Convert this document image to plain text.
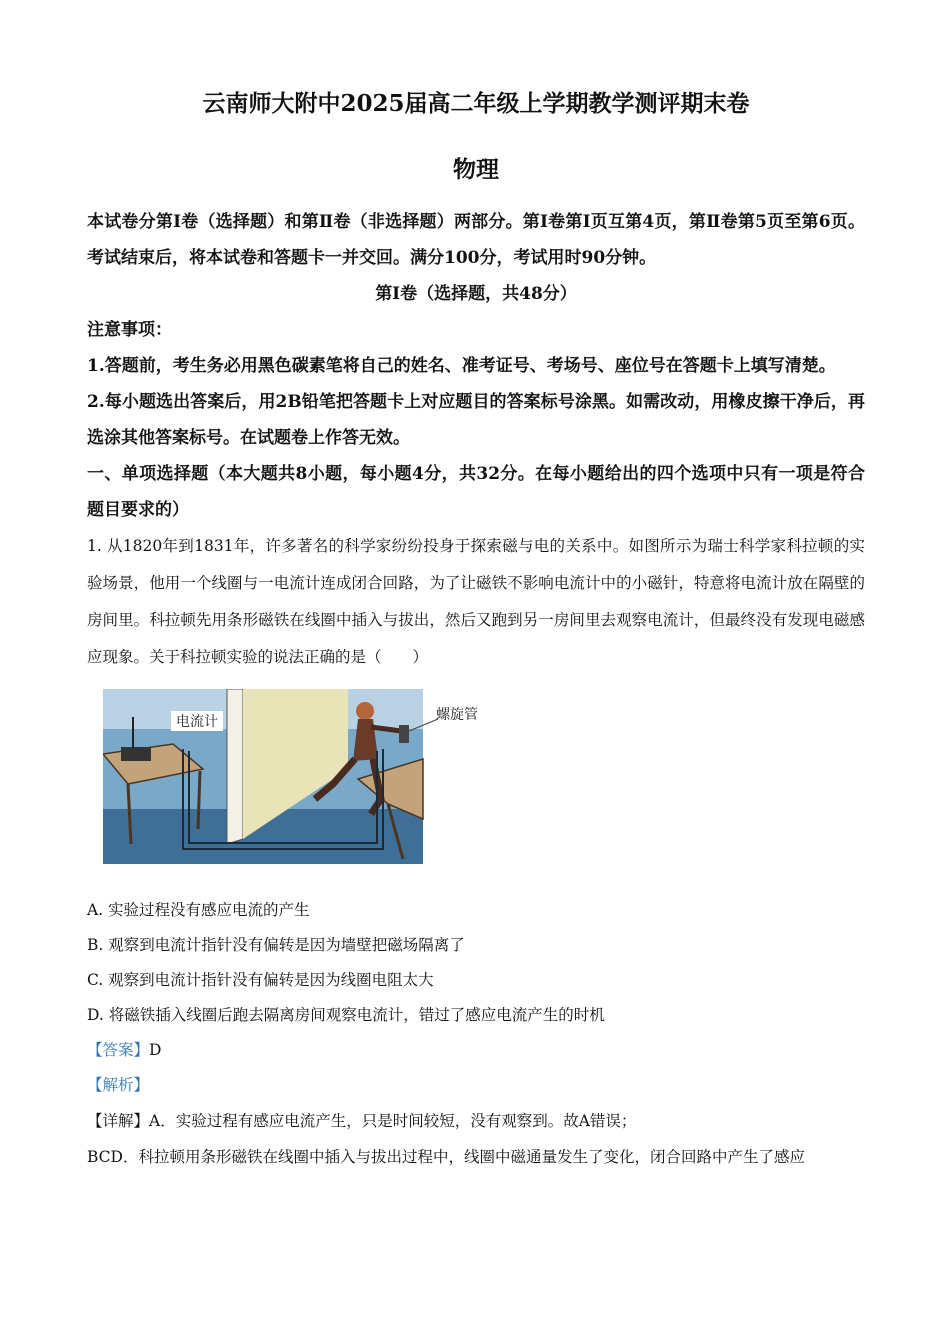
云南师大附中2025届高二年级上学期教学测评期末卷
物理

本试卷分第Ⅰ卷（选择题）和第Ⅱ卷（非选择题）两部分。第Ⅰ卷第Ⅰ页互第4页，第Ⅱ卷第5页至第6页。考试结束后，将本试卷和答题卡一并交回。满分100分，考试用时90分钟。

第Ⅰ卷（选择题，共48分）

注意事项：

1.答题前，考生务必用黑色碳素笔将自己的姓名、准考证号、考场号、座位号在答题卡上填写清楚。

2.每小题选出答案后，用2B铅笔把答题卡上对应题目的答案标号涂黑。如需改动，用橡皮擦干净后，再选涂其他答案标号。在试题卷上作答无效。

一、单项选择题（本大题共8小题，每小题4分，共32分。在每小题给出的四个选项中只有一项是符合题目要求的）

1. 从1820年到1831年，许多著名的科学家纷纷投身于探索磁与电的关系中。如图所示为瑞士科学家科拉顿的实验场景，他用一个线圈与一电流计连成闭合回路，为了让磁铁不影响电流计中的小磁针，特意将电流计放在隔壁的房间里。科拉顿先用条形磁铁在线圈中插入与拔出，然后又跑到另一房间里去观察电流计，但最终没有发现电磁感应现象。关于科拉顿实验的说法正确的是（　　）

电流计	螺旋管

A. 实验过程没有感应电流的产生

B. 观察到电流计指针没有偏转是因为墙壁把磁场隔离了

C. 观察到电流计指针没有偏转是因为线圈电阻太大

D. 将磁铁插入线圈后跑去隔离房间观察电流计，错过了感应电流产生的时机

【答案】D

【解析】

【详解】A．实验过程有感应电流产生，只是时间较短，没有观察到。故A错误；

BCD．科拉顿用条形磁铁在线圈中插入与拔出过程中，线圈中磁通量发生了变化，闭合回路中产生了感应
